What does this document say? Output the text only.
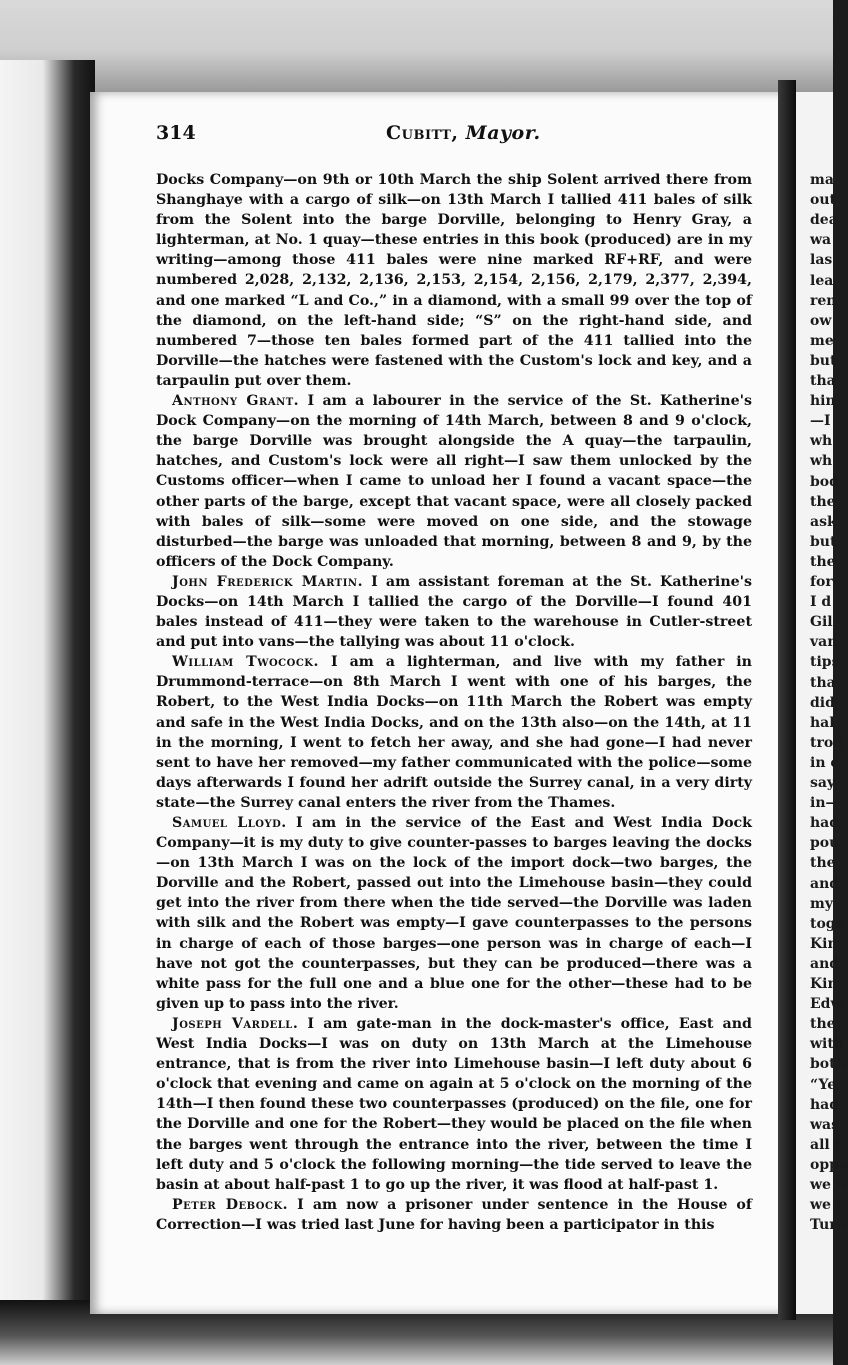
314	Cubitt, Mayor.

Docks Company—on 9th or 10th March the ship Solent arrived there from Shanghaye with a cargo of silk—on 13th March I tallied 411 bales of silk from the Solent into the barge Dorville, belonging to Henry Gray, a lighterman, at No. 1 quay—these entries in this book (produced) are in my writing—among those 411 bales were nine marked RF+RF, and were numbered 2,028, 2,132, 2,136, 2,153, 2,154, 2,156, 2,179, 2,377, 2,394, and one marked “L and Co.,” in a diamond, with a small 99 over the top of the diamond, on the left-hand side; “S” on the right-hand side, and numbered 7—those ten bales formed part of the 411 tallied into the Dorville—the hatches were fastened with the Custom's lock and key, and a tarpaulin put over them.

Anthony Grant. I am a labourer in the service of the St. Katherine's Dock Company—on the morning of 14th March, between 8 and 9 o'clock, the barge Dorville was brought alongside the A quay—the tarpaulin, hatches, and Custom's lock were all right—I saw them unlocked by the Customs officer—when I came to unload her I found a vacant space—the other parts of the barge, except that vacant space, were all closely packed with bales of silk—some were moved on one side, and the stowage disturbed—the barge was unloaded that morning, between 8 and 9, by the officers of the Dock Company.

John Frederick Martin. I am assistant foreman at the St. Katherine's Docks—on 14th March I tallied the cargo of the Dorville—I found 401 bales instead of 411—they were taken to the warehouse in Cutler-street and put into vans—the tallying was about 11 o'clock.

William Twocock. I am a lighterman, and live with my father in Drummond-terrace—on 8th March I went with one of his barges, the Robert, to the West India Docks—on 11th March the Robert was empty and safe in the West India Docks, and on the 13th also—on the 14th, at 11 in the morning, I went to fetch her away, and she had gone—I had never sent to have her removed—my father communicated with the police—some days afterwards I found her adrift outside the Surrey canal, in a very dirty state—the Surrey canal enters the river from the Thames.

Samuel Lloyd. I am in the service of the East and West India Dock Company—it is my duty to give counter-passes to barges leaving the docks —on 13th March I was on the lock of the import dock—two barges, the Dorville and the Robert, passed out into the Limehouse basin—they could get into the river from there when the tide served—the Dorville was laden with silk and the Robert was empty—I gave counterpasses to the persons in charge of each of those barges—one person was in charge of each—I have not got the counterpasses, but they can be produced—there was a white pass for the full one and a blue one for the other—these had to be given up to pass into the river.

Joseph Vardell. I am gate-man in the dock-master's office, East and West India Docks—I was on duty on 13th March at the Limehouse entrance, that is from the river into Limehouse basin—I left duty about 6 o'clock that evening and came on again at 5 o'clock on the morning of the 14th—I then found these two counterpasses (produced) on the file, one for the Dorville and one for the Robert—they would be placed on the file when the barges went through the entrance into the river, between the time I left duty and 5 o'clock the following morning—the tide served to leave the basin at about half-past 1 to go up the river, it was flood at half-past 1.

Peter Debock. I am now a prisoner under sentence in the House of Correction—I was tried last June for having been a participator in this

ma
out
dea
wa
las
lea
ren
ow
me
but
tha
hin
—I
wh
wh
bod
the
ask
but
the
for-
I d
Gil
van
tips
tha
did
hal
trou
in c
say
in—
had
pou
the
and
my
toge
Kin
and
Kin
Edw
they
with
both
“Ye
had
was-
all f
oppo
we w
we r
Turn
